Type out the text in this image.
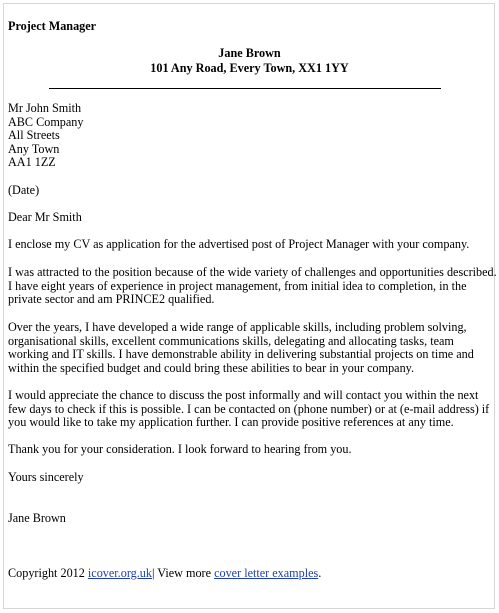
Project Manager
Jane Brown
101 Any Road, Every Town, XX1 1YY
Mr John Smith
ABC Company
All Streets
Any Town
AA1 1ZZ
(Date)
Dear Mr Smith
I enclose my CV as application for the advertised post of Project Manager with your company.
I was attracted to the position because of the wide variety of challenges and opportunities described.
I have eight years of experience in project management, from initial idea to completion, in the
private sector and am PRINCE2 qualified.
Over the years, I have developed a wide range of applicable skills, including problem solving,
organisational skills, excellent communications skills, delegating and allocating tasks, team
working and IT skills. I have demonstrable ability in delivering substantial projects on time and
within the specified budget and could bring these abilities to bear in your company.
I would appreciate the chance to discuss the post informally and will contact you within the next
few days to check if this is possible. I can be contacted on (phone number) or at (e-mail address) if
you would like to take my application further. I can provide positive references at any time.
Thank you for your consideration. I look forward to hearing from you.
Yours sincerely
Jane Brown
Copyright 2012 icover.org.uk| View more cover letter examples.
